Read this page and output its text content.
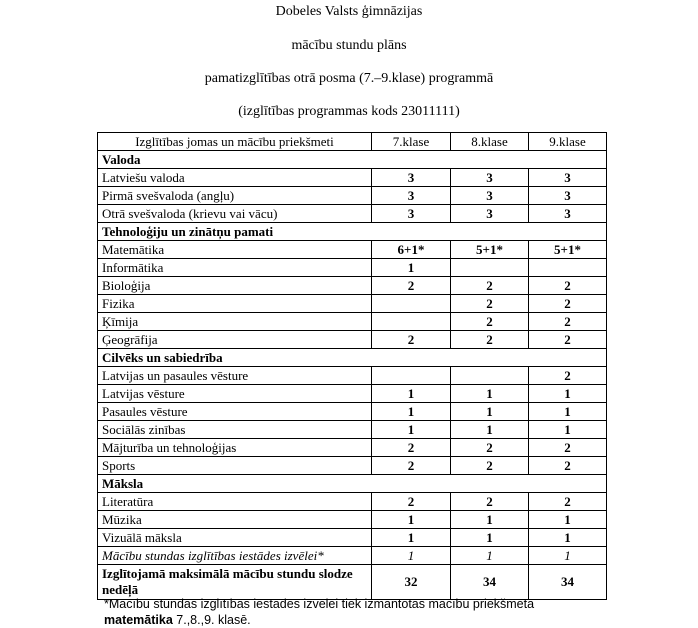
Dobeles Valsts ģimnāzijas
mācību stundu plāns
pamatizglītības otrā posma (7.–9.klase) programmā
(izglītības programmas kods 23011111)
Izglītības jomas un mācību priekšmeti	7.klase	8.klase	9.klase
Valoda			
Latviešu valoda	3	3	3
Pirmā svešvaloda (angļu)	3	3	3
Otrā svešvaloda (krievu vai vācu)	3	3	3
Tehnoloģiju un zinātņu pamati			
Matemātika	6+1*	5+1*	5+1*
Informātika	1		
Bioloģija	2	2	2
Fizika		2	2
Ķīmija		2	2
Ģeogrāfija	2	2	2
Cilvēks un sabiedrība			
Latvijas un pasaules vēsture			2
Latvijas vēsture	1	1	1
Pasaules vēsture	1	1	1
Sociālās zinības	1	1	1
Mājturība un tehnoloģijas	2	2	2
Sports	2	2	2
Māksla			
Literatūra	2	2	2
Mūzika	1	1	1
Vizuālā māksla	1	1	1
Mācību stundas izglītības iestādes izvēlei*	1	1	1
Izglītojamā maksimālā mācību stundu slodze nedēļā	32	34	34
*Mācību stundas izglītības iestādes izvēlei tiek izmantotas mācību priekšmetā
matemātika 7.,8.,9. klasē.
